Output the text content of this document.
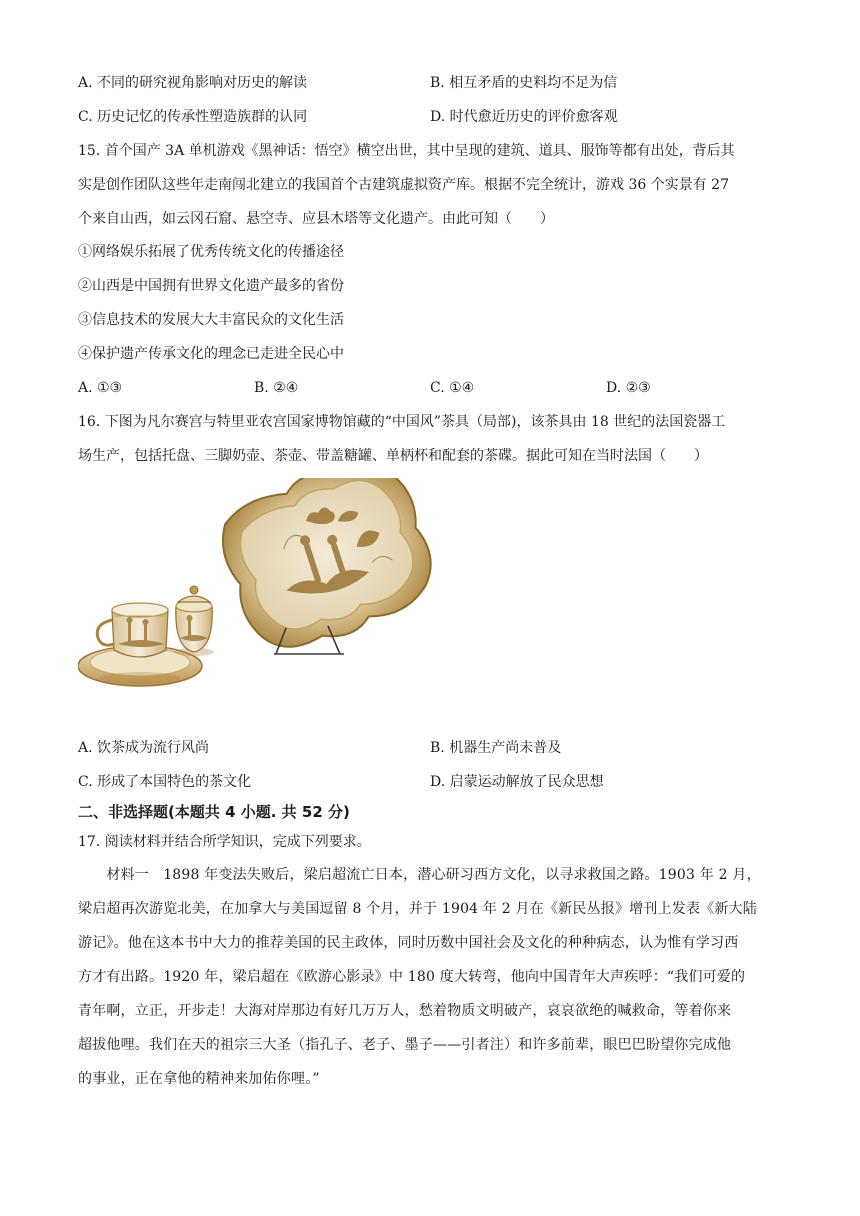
A. 不同的研究视角影响对历史的解读	B. 相互矛盾的史料均不足为信
C. 历史记忆的传承性塑造族群的认同	D. 时代愈近历史的评价愈客观
15. 首个国产 3A 单机游戏《黑神话：悟空》横空出世，其中呈现的建筑、道具、服饰等都有出处，背后其
实是创作团队这些年走南闯北建立的我国首个古建筑虚拟资产库。根据不完全统计，游戏 36 个实景有 27
个来自山西，如云冈石窟、悬空寺、应县木塔等文化遗产。由此可知（　　）
①网络娱乐拓展了优秀传统文化的传播途径
②山西是中国拥有世界文化遗产最多的省份
③信息技术的发展大大丰富民众的文化生活
④保护遗产传承文化的理念已走进全民心中
A. ①③	B. ②④	C. ①④	D. ②③
16. 下图为凡尔赛宫与特里亚农宫国家博物馆藏的“中国风”茶具（局部)，该茶具由 18 世纪的法国瓷器工
场生产，包括托盘、三脚奶壶、茶壶、带盖糖罐、单柄杯和配套的茶碟。据此可知在当时法国（　　）
A. 饮茶成为流行风尚	B. 机器生产尚未普及
C. 形成了本国特色的茶文化	D. 启蒙运动解放了民众思想
二、非选择题(本题共 4 小题. 共 52 分)
17. 阅读材料并结合所学知识，完成下列要求。
　　材料一　1898 年变法失败后，梁启超流亡日本，潜心研习西方文化，以寻求救国之路。1903 年 2 月，
梁启超再次游览北美，在加拿大与美国逗留 8 个月，并于 1904 年 2 月在《新民丛报》增刊上发表《新大陆
游记》。他在这本书中大力的推荐美国的民主政体，同时历数中国社会及文化的种种病态，认为惟有学习西
方才有出路。1920 年，梁启超在《欧游心影录》中 180 度大转弯，他向中国青年大声疾呼：“我们可爱的
青年啊，立正，开步走！大海对岸那边有好几万万人，愁着物质文明破产，哀哀欲绝的喊救命，等着你来
超拔他哩。我们在天的祖宗三大圣（指孔子、老子、墨子——引者注）和许多前辈，眼巴巴盼望你完成他
的事业，正在拿他的精神来加佑你哩。”
